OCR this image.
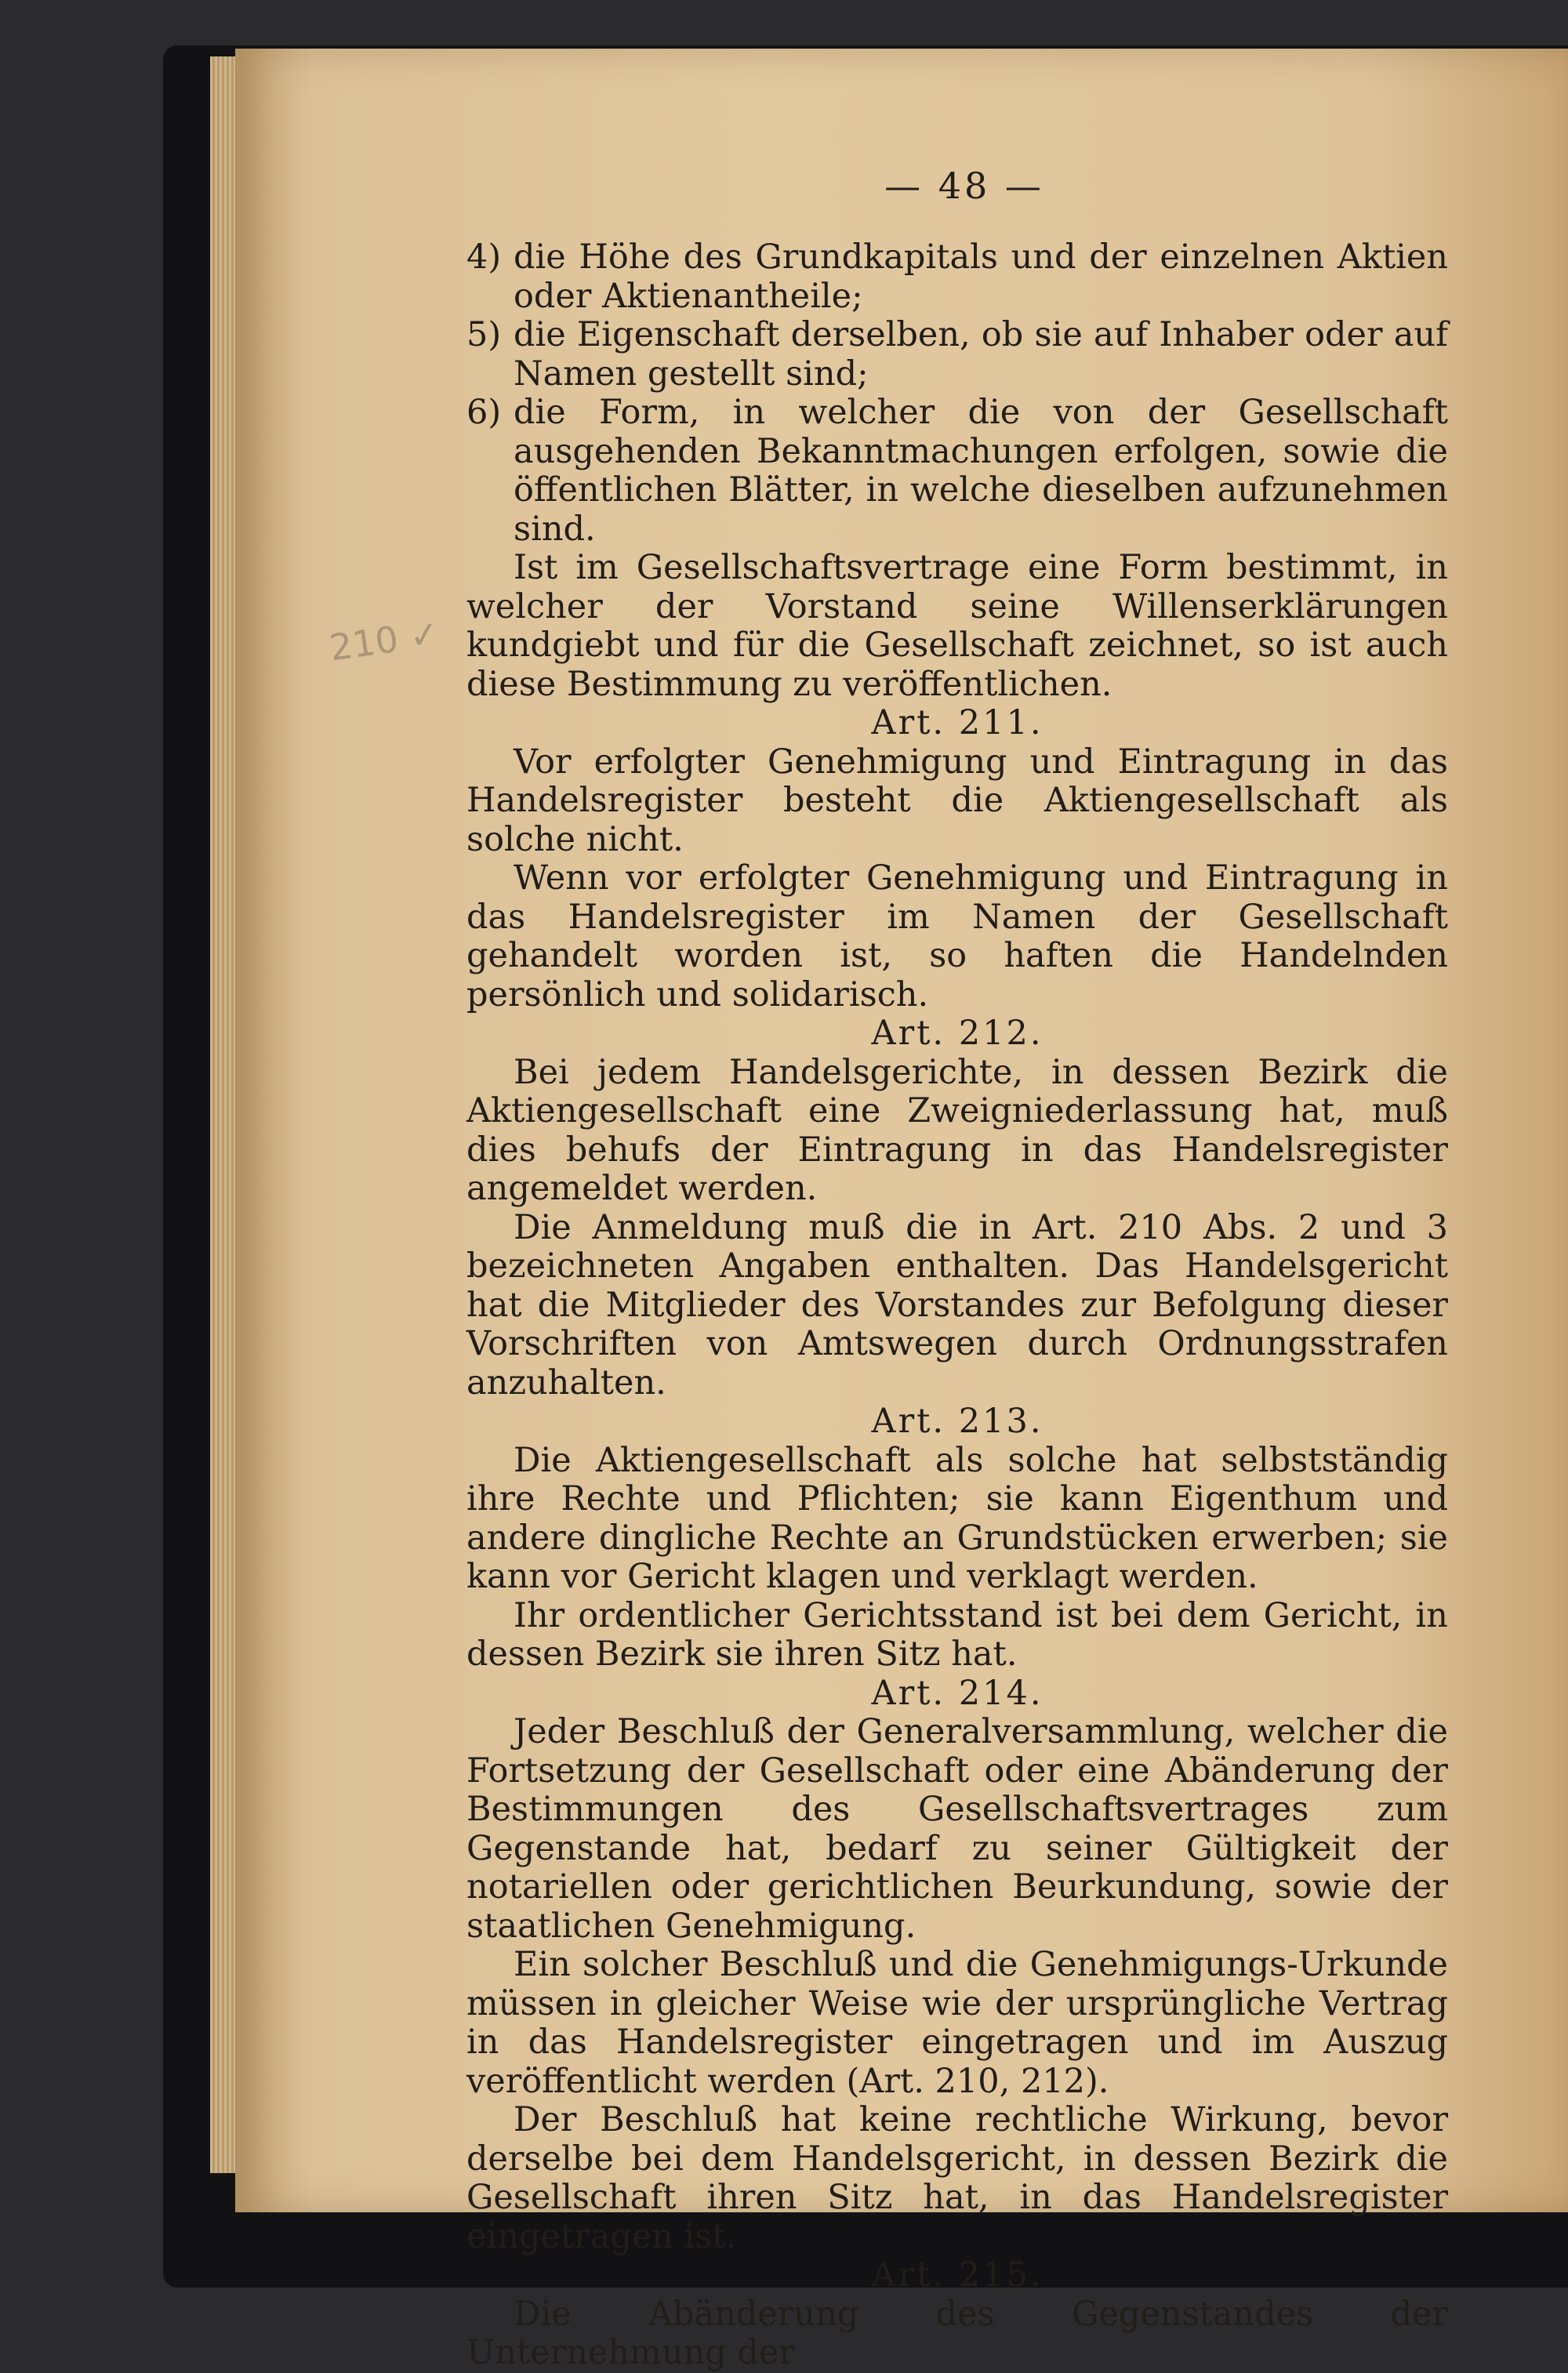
— 48 —
210 ✓
4) die Höhe des Grundkapitals und der einzelnen Aktien oder Aktienantheile;
5) die Eigenschaft derselben, ob sie auf Inhaber oder auf Namen gestellt sind;
6) die Form, in welcher die von der Gesellschaft ausgehenden Bekanntmachungen erfolgen, sowie die öffentlichen Blätter, in welche dieselben aufzunehmen sind.

Ist im Gesellschaftsvertrage eine Form bestimmt, in welcher der Vorstand seine Willenserklärungen kundgiebt und für die Gesellschaft zeichnet, so ist auch diese Bestimmung zu veröffentlichen.

Art. 211.

Vor erfolgter Genehmigung und Eintragung in das Handelsregister besteht die Aktiengesellschaft als solche nicht.

Wenn vor erfolgter Genehmigung und Eintragung in das Handelsregister im Namen der Gesellschaft gehandelt worden ist, so haften die Handelnden persönlich und solidarisch.

Art. 212.

Bei jedem Handelsgerichte, in dessen Bezirk die Aktiengesellschaft eine Zweigniederlassung hat, muß dies behufs der Eintragung in das Handelsregister angemeldet werden.

Die Anmeldung muß die in Art. 210 Abs. 2 und 3 bezeichneten Angaben enthalten. Das Handelsgericht hat die Mitglieder des Vorstandes zur Befolgung dieser Vorschriften von Amtswegen durch Ordnungsstrafen anzuhalten.

Art. 213.

Die Aktiengesellschaft als solche hat selbstständig ihre Rechte und Pflichten; sie kann Eigenthum und andere dingliche Rechte an Grundstücken erwerben; sie kann vor Gericht klagen und verklagt werden.

Ihr ordentlicher Gerichtsstand ist bei dem Gericht, in dessen Bezirk sie ihren Sitz hat.

Art. 214.

Jeder Beschluß der Generalversammlung, welcher die Fortsetzung der Gesellschaft oder eine Abänderung der Bestimmungen des Gesellschaftsvertrages zum Gegenstande hat, bedarf zu seiner Gültigkeit der notariellen oder gerichtlichen Beurkundung, sowie der staatlichen Genehmigung.

Ein solcher Beschluß und die Genehmigungs-Urkunde müssen in gleicher Weise wie der ursprüngliche Vertrag in das Handelsregister eingetragen und im Auszug veröffentlicht werden (Art. 210, 212).

Der Beschluß hat keine rechtliche Wirkung, bevor derselbe bei dem Handelsgericht, in dessen Bezirk die Gesellschaft ihren Sitz hat, in das Handelsregister eingetragen ist.

Art. 215.

Die Abänderung des Gegenstandes der Unternehmung der
